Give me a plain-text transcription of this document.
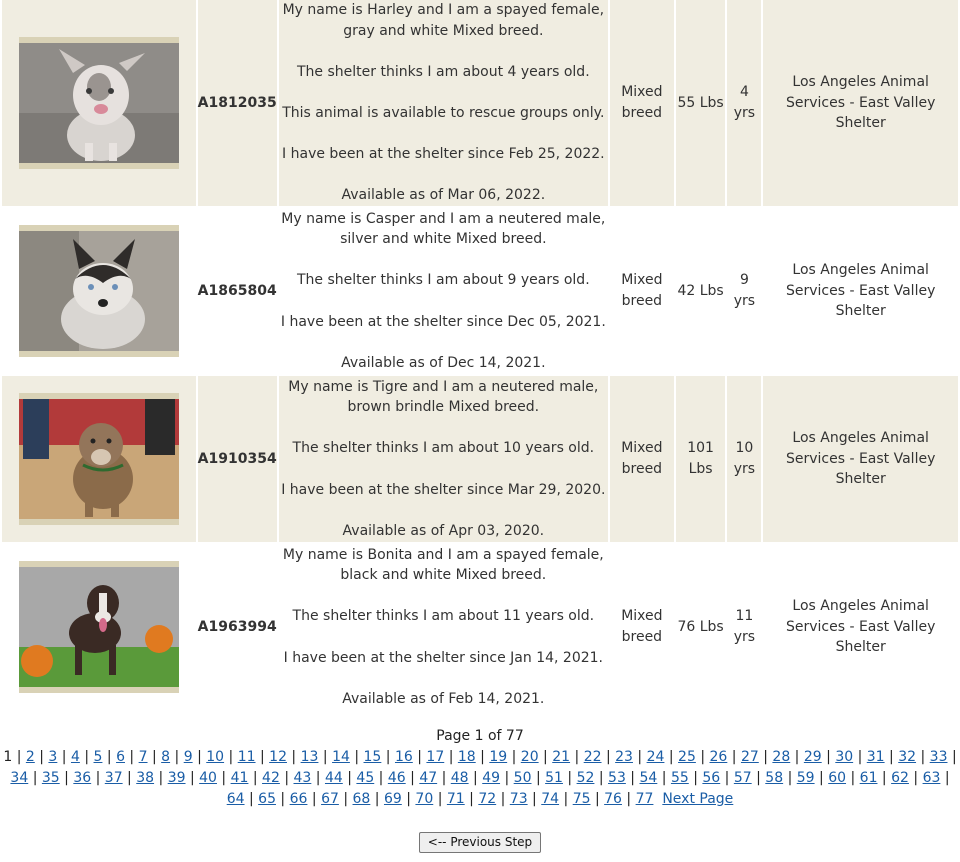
	A1812035	My name is Harley and I am a spayed female, gray and white Mixed breed.

The shelter thinks I am about 4 years old.

This animal is available to rescue groups only.

I have been at the shelter since Feb 25, 2022.

Available as of Mar 06, 2022.	Mixed breed	55 Lbs	4 yrs	Los Angeles Animal Services - East Valley Shelter

	A1865804	My name is Casper and I am a neutered male, silver and white Mixed breed.

The shelter thinks I am about 9 years old.

I have been at the shelter since Dec 05, 2021.

Available as of Dec 14, 2021.	Mixed breed	42 Lbs	9 yrs	Los Angeles Animal Services - East Valley Shelter

	A1910354	My name is Tigre and I am a neutered male, brown brindle Mixed breed.

The shelter thinks I am about 10 years old.

I have been at the shelter since Mar 29, 2020.

Available as of Apr 03, 2020.	Mixed breed	101 Lbs	10 yrs	Los Angeles Animal Services - East Valley Shelter

	A1963994	My name is Bonita and I am a spayed female, black and white Mixed breed.

The shelter thinks I am about 11 years old.

I have been at the shelter since Jan 14, 2021.

Available as of Feb 14, 2021.	Mixed breed	76 Lbs	11 yrs	Los Angeles Animal Services - East Valley Shelter
Page 1 of 77
1 | 2 | 3 | 4 | 5 | 6 | 7 | 8 | 9 | 10 | 11 | 12 | 13 | 14 | 15 | 16 | 17 | 18 | 19 | 20 | 21 | 22 | 23 | 24 | 25 | 26 | 27 | 28 | 29 | 30 | 31 | 32 | 33 | 34 | 35 | 36 | 37 | 38 | 39 | 40 | 41 | 42 | 43 | 44 | 45 | 46 | 47 | 48 | 49 | 50 | 51 | 52 | 53 | 54 | 55 | 56 | 57 | 58 | 59 | 60 | 61 | 62 | 63 | 64 | 65 | 66 | 67 | 68 | 69 | 70 | 71 | 72 | 73 | 74 | 75 | 76 | 77 Next Page
<-- Previous Step
